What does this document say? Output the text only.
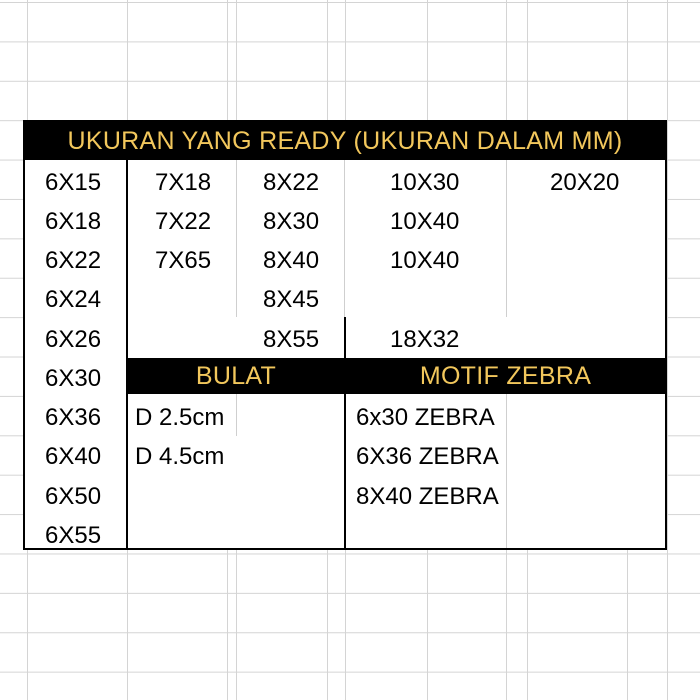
UKURAN YANG READY (UKURAN DALAM MM)
BULAT	MOTIF ZEBRA
6X15
6X18
6X22
6X24
6X26
6X30
6X36
6X40
6X50
6X55
7X18
7X22
7X65
8X22
8X30
8X40
8X45
8X55
10X30
10X40
10X40
18X32
20X20
D 2.5cm
D 4.5cm
6x30 ZEBRA
6X36 ZEBRA
8X40 ZEBRA
